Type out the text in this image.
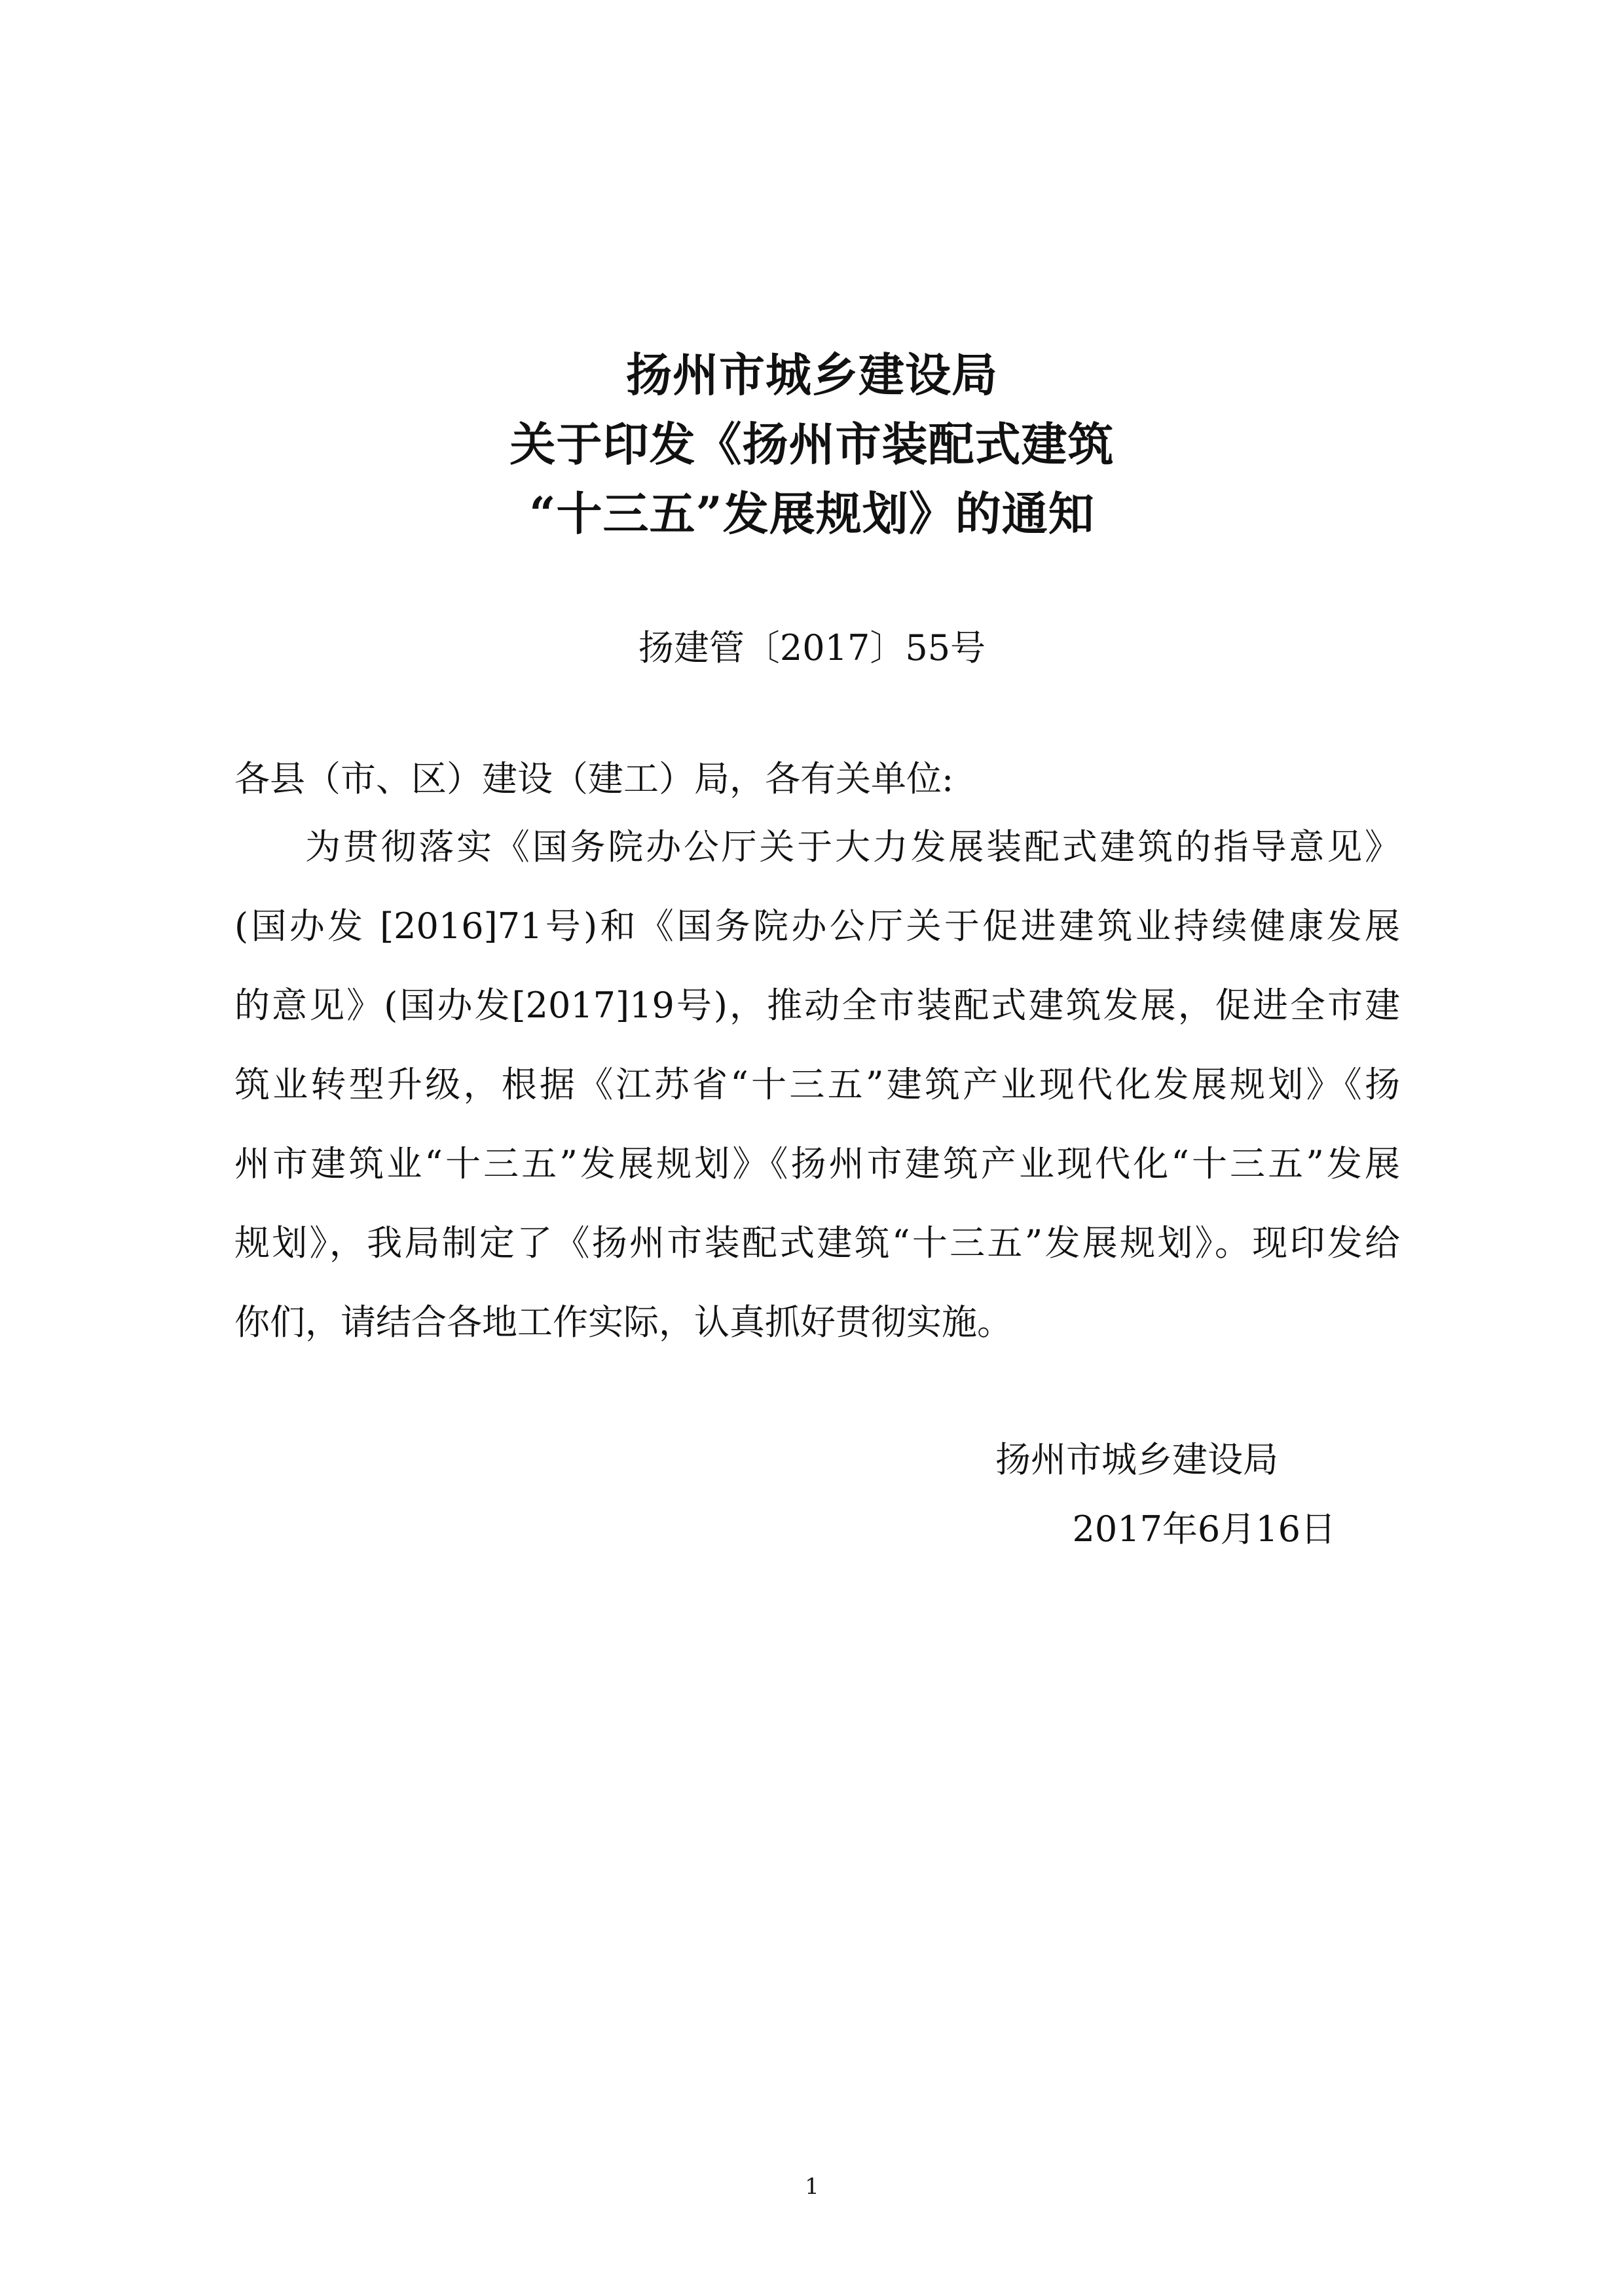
扬州市城乡建设局
关于印发《扬州市装配式建筑
“十三五”发展规划》的通知
扬建管〔2017〕55号
各县（市、区）建设（建工）局，各有关单位:
为贯彻落实《国务院办公厅关于大力发展装配式建筑的指导意见》
(国办发 [2016]71号)和《国务院办公厅关于促进建筑业持续健康发展
的意见》(国办发[2017]19号)，推动全市装配式建筑发展，促进全市建
筑业转型升级，根据《江苏省“十三五”建筑产业现代化发展规划》《扬
州市建筑业“十三五”发展规划》《扬州市建筑产业现代化“十三五”发展
规划》，我局制定了《扬州市装配式建筑“十三五”发展规划》。现印发给
你们，请结合各地工作实际，认真抓好贯彻实施。
扬州市城乡建设局
2017年6月16日
1
